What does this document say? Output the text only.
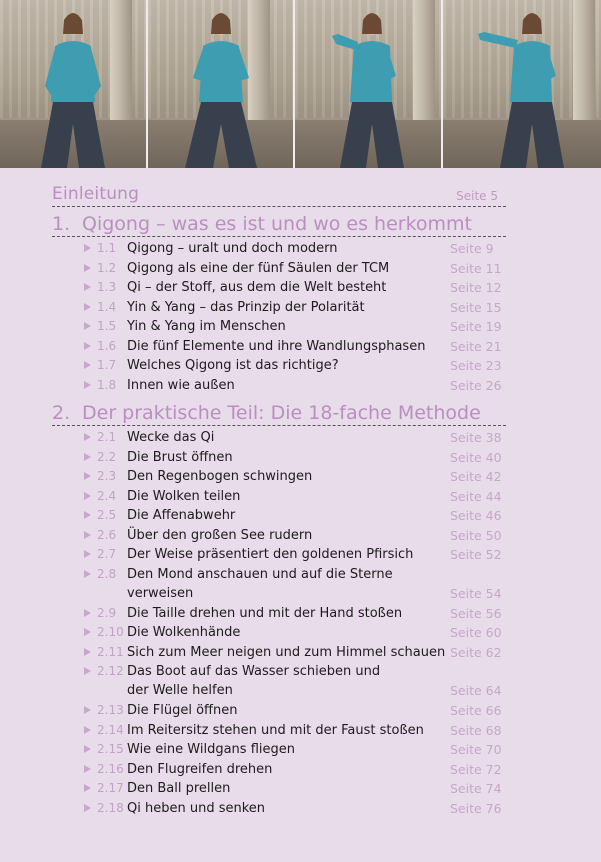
Einleitung	Seite 5
1. Qigong – was es ist und wo es herkommt
1.1 Qigong – uralt und doch modern	Seite 9
1.2 Qigong als eine der fünf Säulen der TCM	Seite 11
1.3 Qi – der Stoff, aus dem die Welt besteht	Seite 12
1.4 Yin & Yang – das Prinzip der Polarität	Seite 15
1.5 Yin & Yang im Menschen	Seite 19
1.6 Die fünf Elemente und ihre Wandlungsphasen Seite 21
1.7 Welches Qigong ist das richtige?	Seite 23
1.8 Innen wie außen	Seite 26
2. Der praktische Teil: Die 18-fache Methode
2.1 Wecke das Qi	Seite 38
2.2 Die Brust öffnen	Seite 40
2.3 Den Regenbogen schwingen	Seite 42
2.4 Die Wolken teilen	Seite 44
2.5 Die Affenabwehr	Seite 46
2.6 Über den großen See rudern	Seite 50
2.7 Der Weise präsentiert den goldenen Pfirsich	Seite 52
2.8 Den Mond anschauen und auf die Sterne
verweisen	Seite 54
2.9 Die Taille drehen und mit der Hand stoßen	Seite 56
2.10 Die Wolkenhände	Seite 60
2.11 Sich zum Meer neigen und zum Himmel schauen Seite 62
2.12 Das Boot auf das Wasser schieben und
der Welle helfen	Seite 64
2.13 Die Flügel öffnen	Seite 66
2.14 Im Reitersitz stehen und mit der Faust stoßen Seite 68
2.15 Wie eine Wildgans fliegen	Seite 70
2.16 Den Flugreifen drehen	Seite 72
2.17 Den Ball prellen	Seite 74
2.18 Qi heben und senken	Seite 76
